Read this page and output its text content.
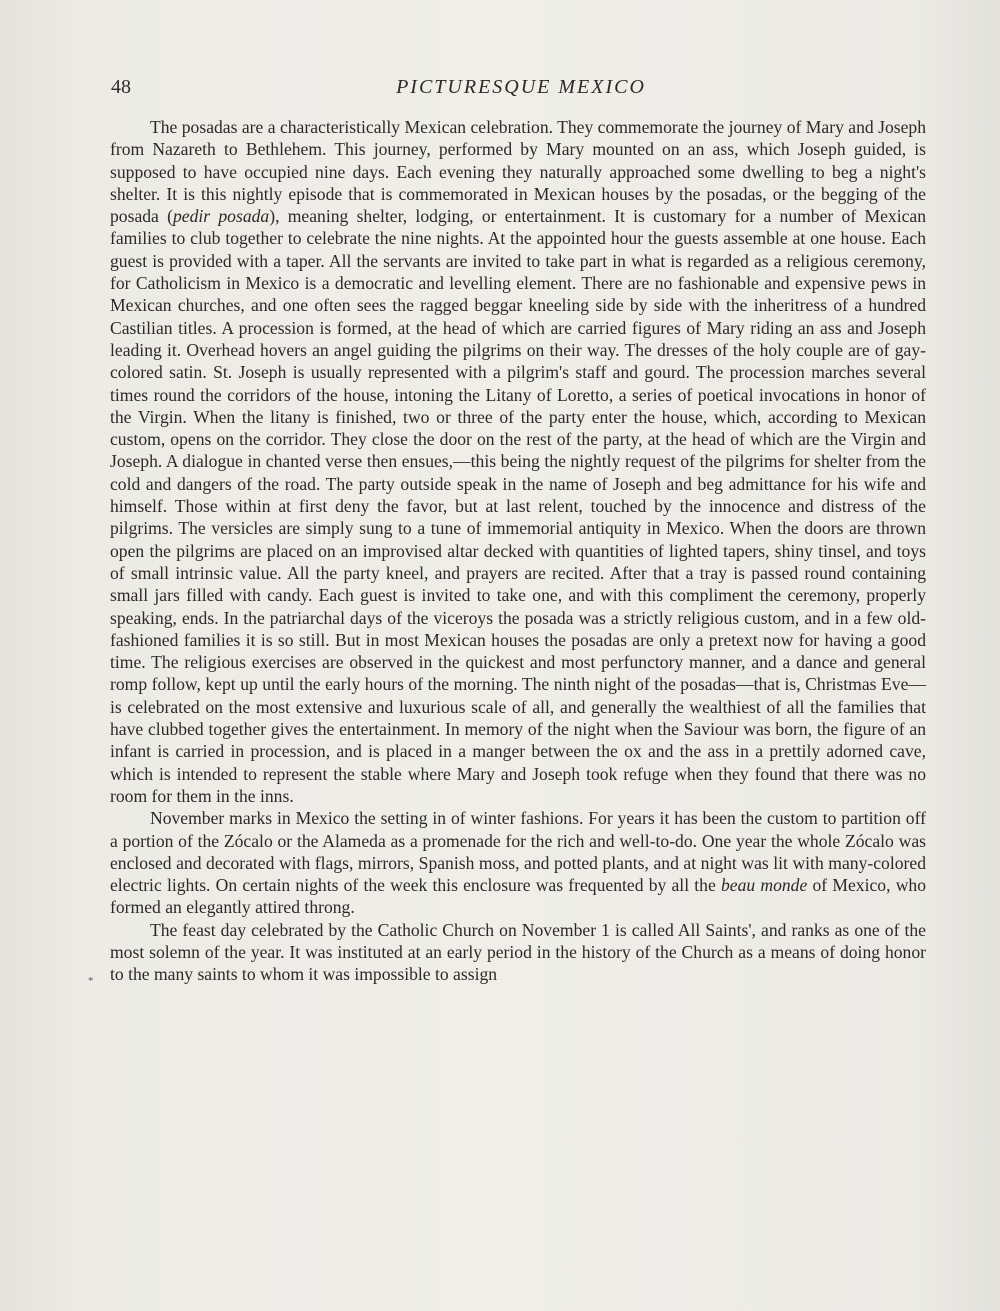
48	PICTURESQUE MEXICO

The posadas are a characteristically Mexican celebration. They commemorate the journey of Mary and Joseph from Nazareth to Bethlehem. This journey, performed by Mary mounted on an ass, which Joseph guided, is supposed to have occupied nine days. Each evening they naturally approached some dwelling to beg a night's shelter. It is this nightly episode that is commemorated in Mexican houses by the posadas, or the begging of the posada (pedir posada), meaning shelter, lodging, or entertainment. It is customary for a number of Mexican families to club together to celebrate the nine nights. At the appointed hour the guests assemble at one house. Each guest is provided with a taper. All the servants are invited to take part in what is regarded as a religious ceremony, for Catholicism in Mexico is a democratic and levelling element. There are no fashionable and expensive pews in Mexican churches, and one often sees the ragged beggar kneeling side by side with the inheritress of a hundred Castilian titles. A procession is formed, at the head of which are carried figures of Mary riding an ass and Joseph leading it. Overhead hovers an angel guiding the pilgrims on their way. The dresses of the holy couple are of gay-colored satin. St. Joseph is usually represented with a pilgrim's staff and gourd. The procession marches several times round the corridors of the house, intoning the Litany of Loretto, a series of poetical invocations in honor of the Virgin. When the litany is finished, two or three of the party enter the house, which, according to Mexican custom, opens on the corridor. They close the door on the rest of the party, at the head of which are the Virgin and Joseph. A dialogue in chanted verse then ensues,—this being the nightly request of the pilgrims for shelter from the cold and dangers of the road. The party outside speak in the name of Joseph and beg admittance for his wife and himself. Those within at first deny the favor, but at last relent, touched by the innocence and distress of the pilgrims. The versicles are simply sung to a tune of immemorial antiquity in Mexico. When the doors are thrown open the pilgrims are placed on an improvised altar decked with quantities of lighted tapers, shiny tinsel, and toys of small intrinsic value. All the party kneel, and prayers are recited. After that a tray is passed round containing small jars filled with candy. Each guest is invited to take one, and with this compliment the ceremony, properly speaking, ends. In the patriarchal days of the viceroys the posada was a strictly religious custom, and in a few old-fashioned families it is so still. But in most Mexican houses the posadas are only a pretext now for having a good time. The religious exercises are observed in the quickest and most perfunctory manner, and a dance and general romp follow, kept up until the early hours of the morning. The ninth night of the posadas—that is, Christmas Eve—is celebrated on the most extensive and luxurious scale of all, and generally the wealthiest of all the families that have clubbed together gives the entertainment. In memory of the night when the Saviour was born, the figure of an infant is carried in procession, and is placed in a manger between the ox and the ass in a prettily adorned cave, which is intended to represent the stable where Mary and Joseph took refuge when they found that there was no room for them in the inns.

November marks in Mexico the setting in of winter fashions. For years it has been the custom to partition off a portion of the Zócalo or the Alameda as a promenade for the rich and well-to-do. One year the whole Zócalo was enclosed and decorated with flags, mirrors, Spanish moss, and potted plants, and at night was lit with many-colored electric lights. On certain nights of the week this enclosure was frequented by all the beau monde of Mexico, who formed an elegantly attired throng.

The feast day celebrated by the Catholic Church on November 1 is called All Saints', and ranks as one of the most solemn of the year. It was instituted at an early period in the history of the Church as a means of doing honor to the many saints to whom it was impossible to assign

*
